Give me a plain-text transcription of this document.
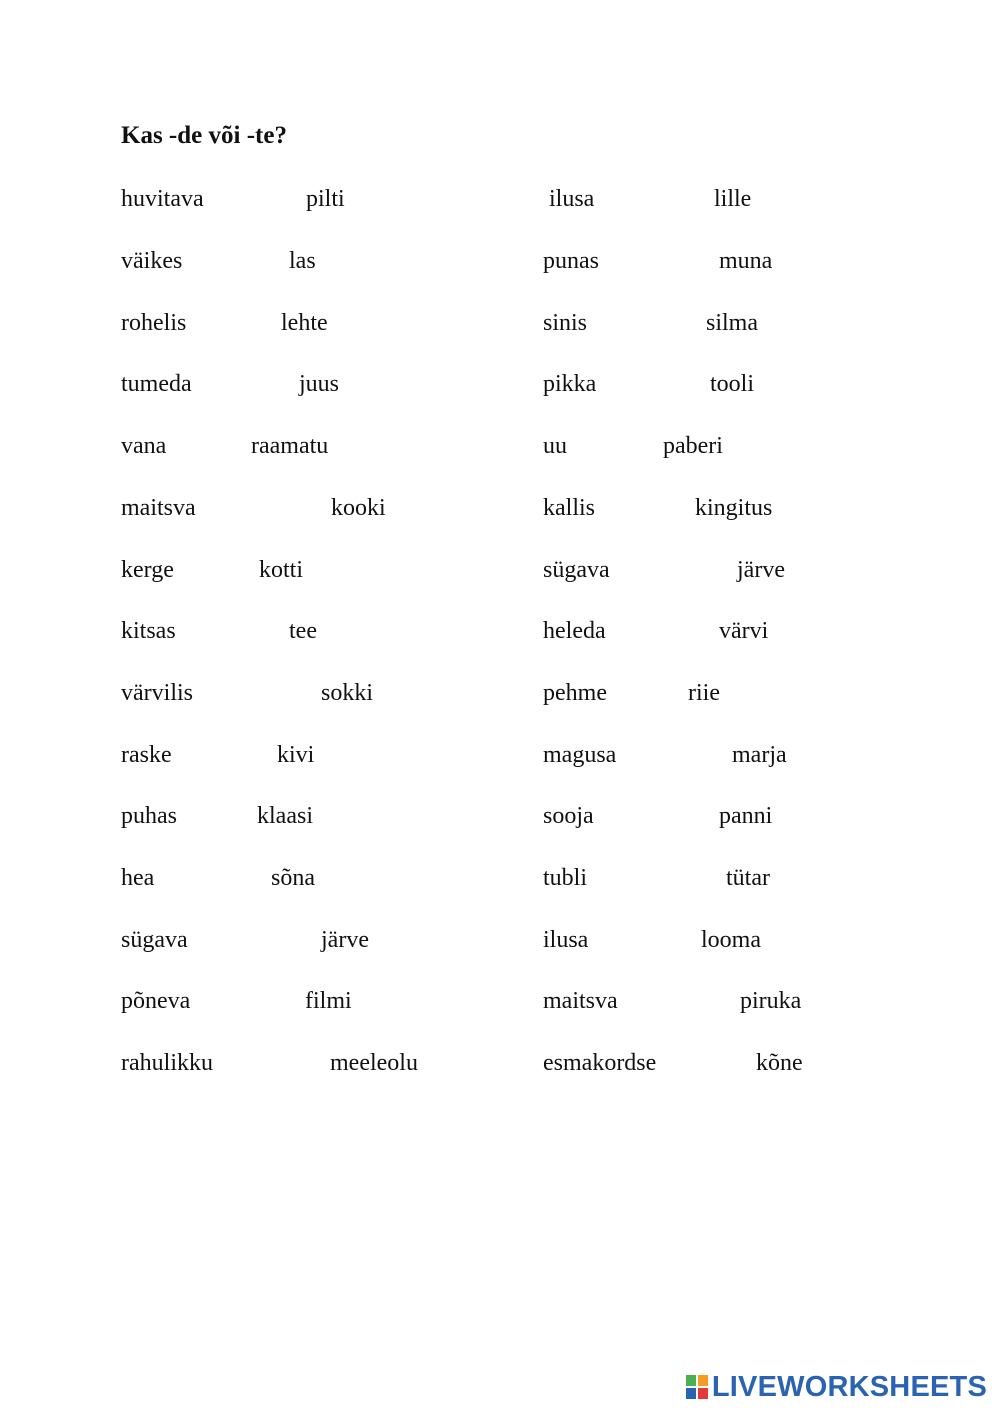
Kas -de või -te?
huvitava	pilti	ilusa	lille
väikes	las	punas	muna
rohelis	lehte	sinis	silma
tumeda	juus	pikka	tooli
vana	raamatu	uu	paberi
maitsva	kooki	kallis	kingitus
kerge	kotti	sügava	järve
kitsas	tee	heleda	värvi
värvilis	sokki	pehme	riie
raske	kivi	magusa	marja
puhas	klaasi	sooja	panni
hea	sõna	tubli	tütar
sügava	järve	ilusa	looma
põneva	filmi	maitsva	piruka
rahulikku	meeleolu	esmakordse	kõne
LIVEWORKSHEETS
